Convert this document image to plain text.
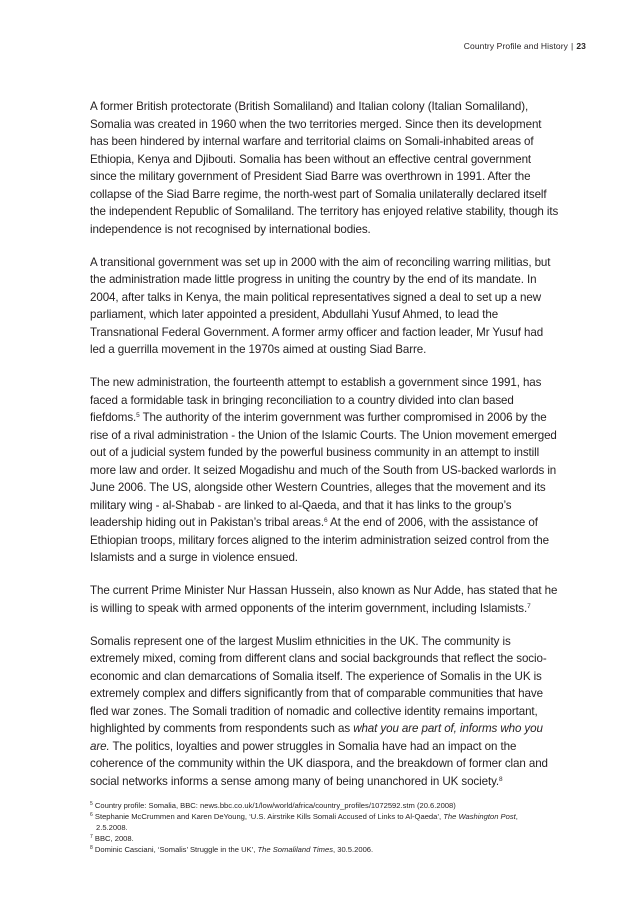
Country Profile and History | 23

A former British protectorate (British Somaliland) and Italian colony (Italian Somaliland), Somalia was created in 1960 when the two territories merged. Since then its development has been hindered by internal warfare and territorial claims on Somali-inhabited areas of Ethiopia, Kenya and Djibouti. Somalia has been without an effective central government since the military government of President Siad Barre was overthrown in 1991. After the collapse of the Siad Barre regime, the north-west part of Somalia unilaterally declared itself the independent Republic of Somaliland. The territory has enjoyed relative stability, though its independence is not recognised by international bodies.

A transitional government was set up in 2000 with the aim of reconciling warring militias, but the administration made little progress in uniting the country by the end of its mandate. In 2004, after talks in Kenya, the main political representatives signed a deal to set up a new parliament, which later appointed a president, Abdullahi Yusuf Ahmed, to lead the Transnational Federal Government. A former army officer and faction leader, Mr Yusuf had led a guerrilla movement in the 1970s aimed at ousting Siad Barre.

The new administration, the fourteenth attempt to establish a government since 1991, has faced a formidable task in bringing reconciliation to a country divided into clan based fiefdoms.$^5$ The authority of the interim government was further compromised in 2006 by the rise of a rival administration - the Union of the Islamic Courts. The Union movement emerged out of a judicial system funded by the powerful business community in an attempt to instill more law and order. It seized Mogadishu and much of the South from US-backed warlords in June 2006. The US, alongside other Western Countries, alleges that the movement and its military wing - al-Shabab - are linked to al-Qaeda, and that it has links to the group’s leadership hiding out in Pakistan’s tribal areas.$^6$ At the end of 2006, with the assistance of Ethiopian troops, military forces aligned to the interim administration seized control from the Islamists and a surge in violence ensued.

The current Prime Minister Nur Hassan Hussein, also known as Nur Adde, has stated that he is willing to speak with armed opponents of the interim government, including Islamists.$^7$

Somalis represent one of the largest Muslim ethnicities in the UK. The community is extremely mixed, coming from different clans and social backgrounds that reflect the socio-economic and clan demarcations of Somalia itself. The experience of Somalis in the UK is extremely complex and differs significantly from that of comparable communities that have fled war zones. The Somali tradition of nomadic and collective identity remains important, highlighted by comments from respondents such as what you are part of, informs who you are. The politics, loyalties and power struggles in Somalia have had an impact on the coherence of the community within the UK diaspora, and the breakdown of former clan and social networks informs a sense among many of being unanchored in UK society.$^8$

$^5$ Country profile: Somalia, BBC: news.bbc.co.uk/1/low/world/africa/country_profiles/1072592.stm (20.6.2008)

$^6$ Stephanie McCrummen and Karen DeYoung, ‘U.S. Airstrike Kills Somali Accused of Links to Al-Qaeda’, The Washington Post,
2.5.2008.

$^7$ BBC, 2008.

$^8$ Dominic Casciani, ‘Somalis’ Struggle in the UK’, The Somaliland Times, 30.5.2006.
